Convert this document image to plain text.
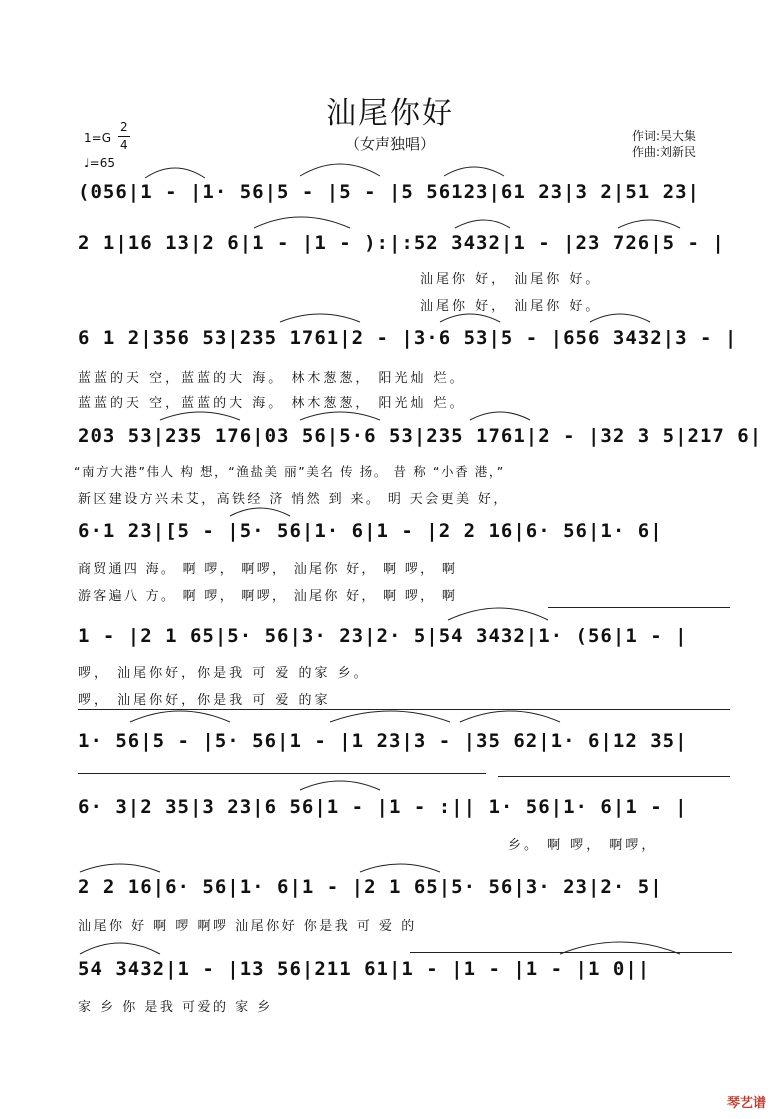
汕尾你好
（女声独唱）
1=G
2
4
♩=65
作词:吴大集
作曲:刘新民
(056|1 - |1· 56|5 - |5 - |5 56123|61 23|3 2|51 23|
2 1|16 13|2 6|1 - |1 - ):|:52 3432|1 - |23 726|5 - |
汕尾你 好， 汕尾你 好。
汕尾你 好， 汕尾你 好。
6 1 2|356 53|235 1761|2 - |3·6 53|5 - |656 3432|3 - |
蓝蓝的天 空，蓝蓝的大 海。 林木葱葱， 阳光灿 烂。
蓝蓝的天 空，蓝蓝的大 海。 林木葱葱， 阳光灿 烂。
203 53|235 176|03 56|5·6 53|235 1761|2 - |32 3 5|217 6|
“南方大港”伟人 构 想，“渔盐美 丽”美名 传 扬。 昔 称 “小香 港，”
新区建设方兴未艾，高铁经 济 悄然 到 来。 明 天会更美 好，
6·1 23|[5 - |5· 56|1· 6|1 - |2 2 16|6· 56|1· 6|
商贸通四 海。 啊 啰， 啊啰， 汕尾你 好， 啊 啰， 啊
游客遍八 方。 啊 啰， 啊啰， 汕尾你 好， 啊 啰， 啊
1 - |2 1 65|5· 56|3· 23|2· 5|54 3432|1· (56|1 - |
啰， 汕尾你好，你是我 可 爱 的家 乡。
啰， 汕尾你好，你是我 可 爱 的家
1· 56|5 - |5· 56|1 - |1 23|3 - |35 62|1· 6|12 35|
6· 3|2 35|3 23|6 56|1 - |1 - :|| 1· 56|1· 6|1 - |
乡。 啊 啰， 啊啰，
2 2 16|6· 56|1· 6|1 - |2 1 65|5· 56|3· 23|2· 5|
汕尾你 好 啊 啰 啊啰 汕尾你好 你是我 可 爱 的
54 3432|1 - |13 56|211 61|1 - |1 - |1 - |1 0||
家 乡 你 是我 可爱的 家 乡
琴艺谱
